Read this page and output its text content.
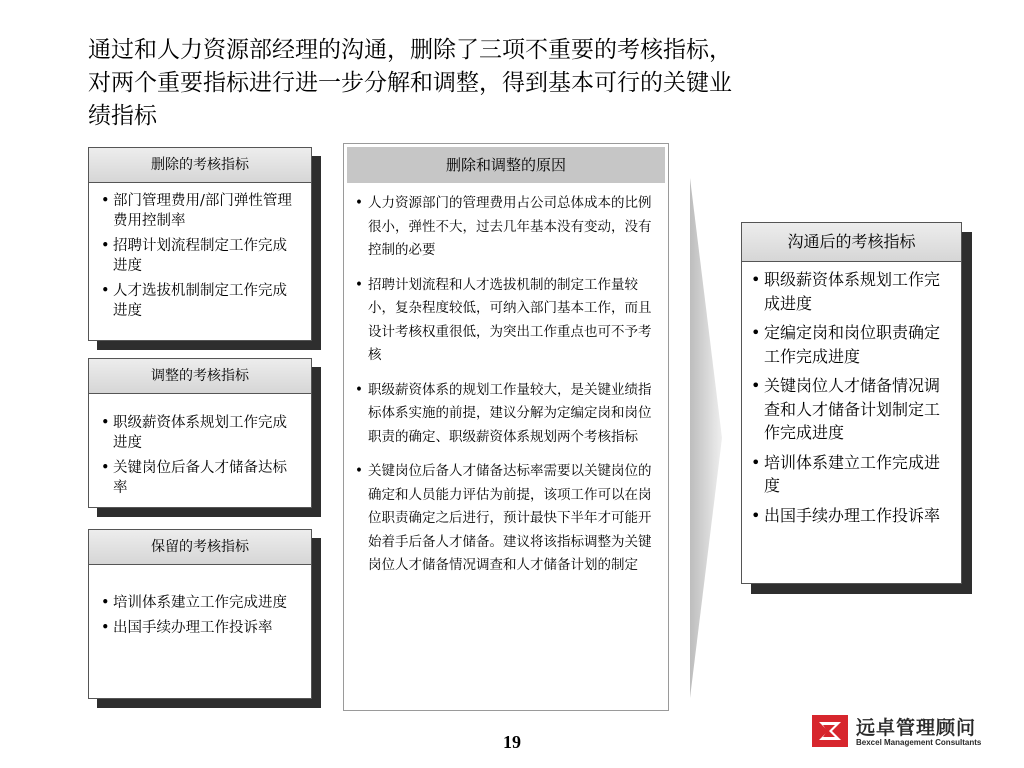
通过和人力资源部经理的沟通，删除了三项不重要的考核指标，
对两个重要指标进行进一步分解和调整，得到基本可行的关键业
绩指标
删除的考核指标
• 部门管理费用/部门弹性管理费用控制率
• 招聘计划流程制定工作完成进度
• 人才选拔机制制定工作完成进度
调整的考核指标
• 职级薪资体系规划工作完成进度
• 关键岗位后备人才储备达标率
保留的考核指标
• 培训体系建立工作完成进度
• 出国手续办理工作投诉率
删除和调整的原因
• 人力资源部门的管理费用占公司总体成本的比例很小，弹性不大，过去几年基本没有变动，没有控制的必要
• 招聘计划流程和人才选拔机制的制定工作量较小，复杂程度较低，可纳入部门基本工作，而且设计考核权重很低，为突出工作重点也可不予考核
• 职级薪资体系的规划工作量较大，是关键业绩指标体系实施的前提，建议分解为定编定岗和岗位职责的确定、职级薪资体系规划两个考核指标
• 关键岗位后备人才储备达标率需要以关键岗位的确定和人员能力评估为前提，该项工作可以在岗位职责确定之后进行，预计最快下半年才可能开始着手后备人才储备。建议将该指标调整为关键岗位人才储备情况调查和人才储备计划的制定
沟通后的考核指标
• 职级薪资体系规划工作完成进度
• 定编定岗和岗位职责确定工作完成进度
• 关键岗位人才储备情况调查和人才储备计划制定工作完成进度
• 培训体系建立工作完成进度
• 出国手续办理工作投诉率
19
远卓管理顾问
Bexcel Management Consultants
